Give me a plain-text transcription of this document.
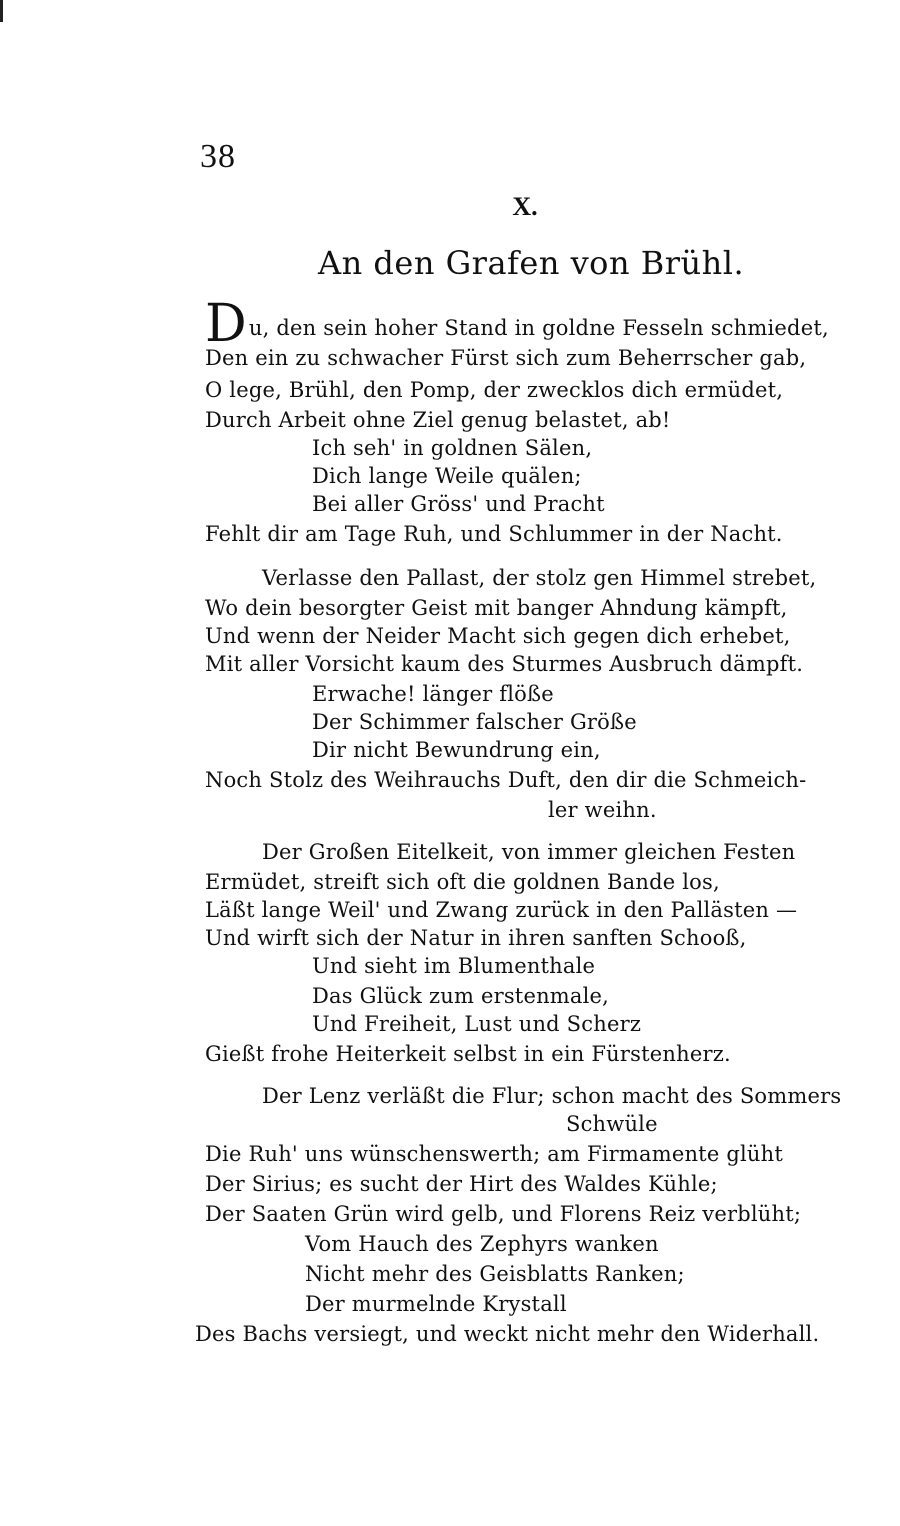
38
X.
An den Grafen von Brühl.
Du, den sein hoher Stand in goldne Fesseln schmiedet,
Den ein zu schwacher Fürst sich zum Beherrscher gab,
O lege, Brühl, den Pomp, der zwecklos dich ermüdet,
Durch Arbeit ohne Ziel genug belastet, ab!
Ich seh' in goldnen Sälen,
Dich lange Weile quälen;
Bei aller Gröss' und Pracht
Fehlt dir am Tage Ruh, und Schlummer in der Nacht.
Verlasse den Pallast, der stolz gen Himmel strebet,
Wo dein besorgter Geist mit banger Ahndung kämpft,
Und wenn der Neider Macht sich gegen dich erhebet,
Mit aller Vorsicht kaum des Sturmes Ausbruch dämpft.
Erwache! länger flöße
Der Schimmer falscher Größe
Dir nicht Bewundrung ein,
Noch Stolz des Weihrauchs Duft, den dir die Schmeich-
ler weihn.
Der Großen Eitelkeit, von immer gleichen Festen
Ermüdet, streift sich oft die goldnen Bande los,
Läßt lange Weil' und Zwang zurück in den Pallästen —
Und wirft sich der Natur in ihren sanften Schooß,
Und sieht im Blumenthale
Das Glück zum erstenmale,
Und Freiheit, Lust und Scherz
Gießt frohe Heiterkeit selbst in ein Fürstenherz.
Der Lenz verläßt die Flur; schon macht des Sommers
Schwüle
Die Ruh' uns wünschenswerth; am Firmamente glüht
Der Sirius; es sucht der Hirt des Waldes Kühle;
Der Saaten Grün wird gelb, und Florens Reiz verblüht;
Vom Hauch des Zephyrs wanken
Nicht mehr des Geisblatts Ranken;
Der murmelnde Krystall
Des Bachs versiegt, und weckt nicht mehr den Widerhall.
